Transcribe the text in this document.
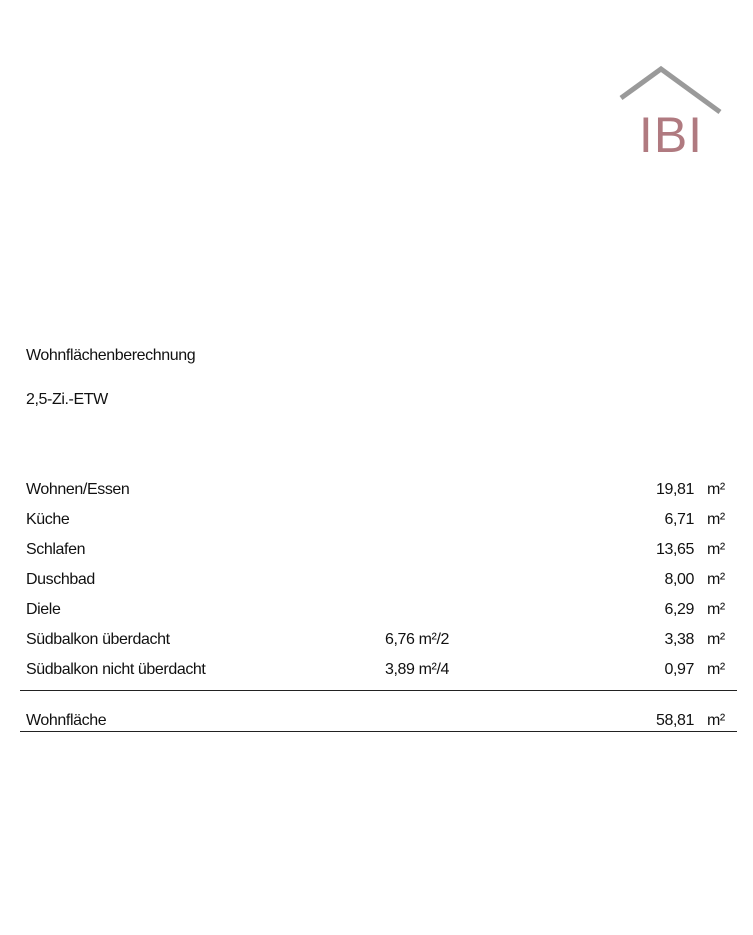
IBI
Wohnflächenberechnung
2,5-Zi.-ETW
Wohnen/Essen	19,81 m²
Küche	6,71 m²
Schlafen	13,65 m²
Duschbad	8,00 m²
Diele	6,29 m²
Südbalkon überdacht	6,76 m²/2	3,38 m²
Südbalkon nicht überdacht	3,89 m²/4	0,97 m²
Wohnfläche	58,81 m²
